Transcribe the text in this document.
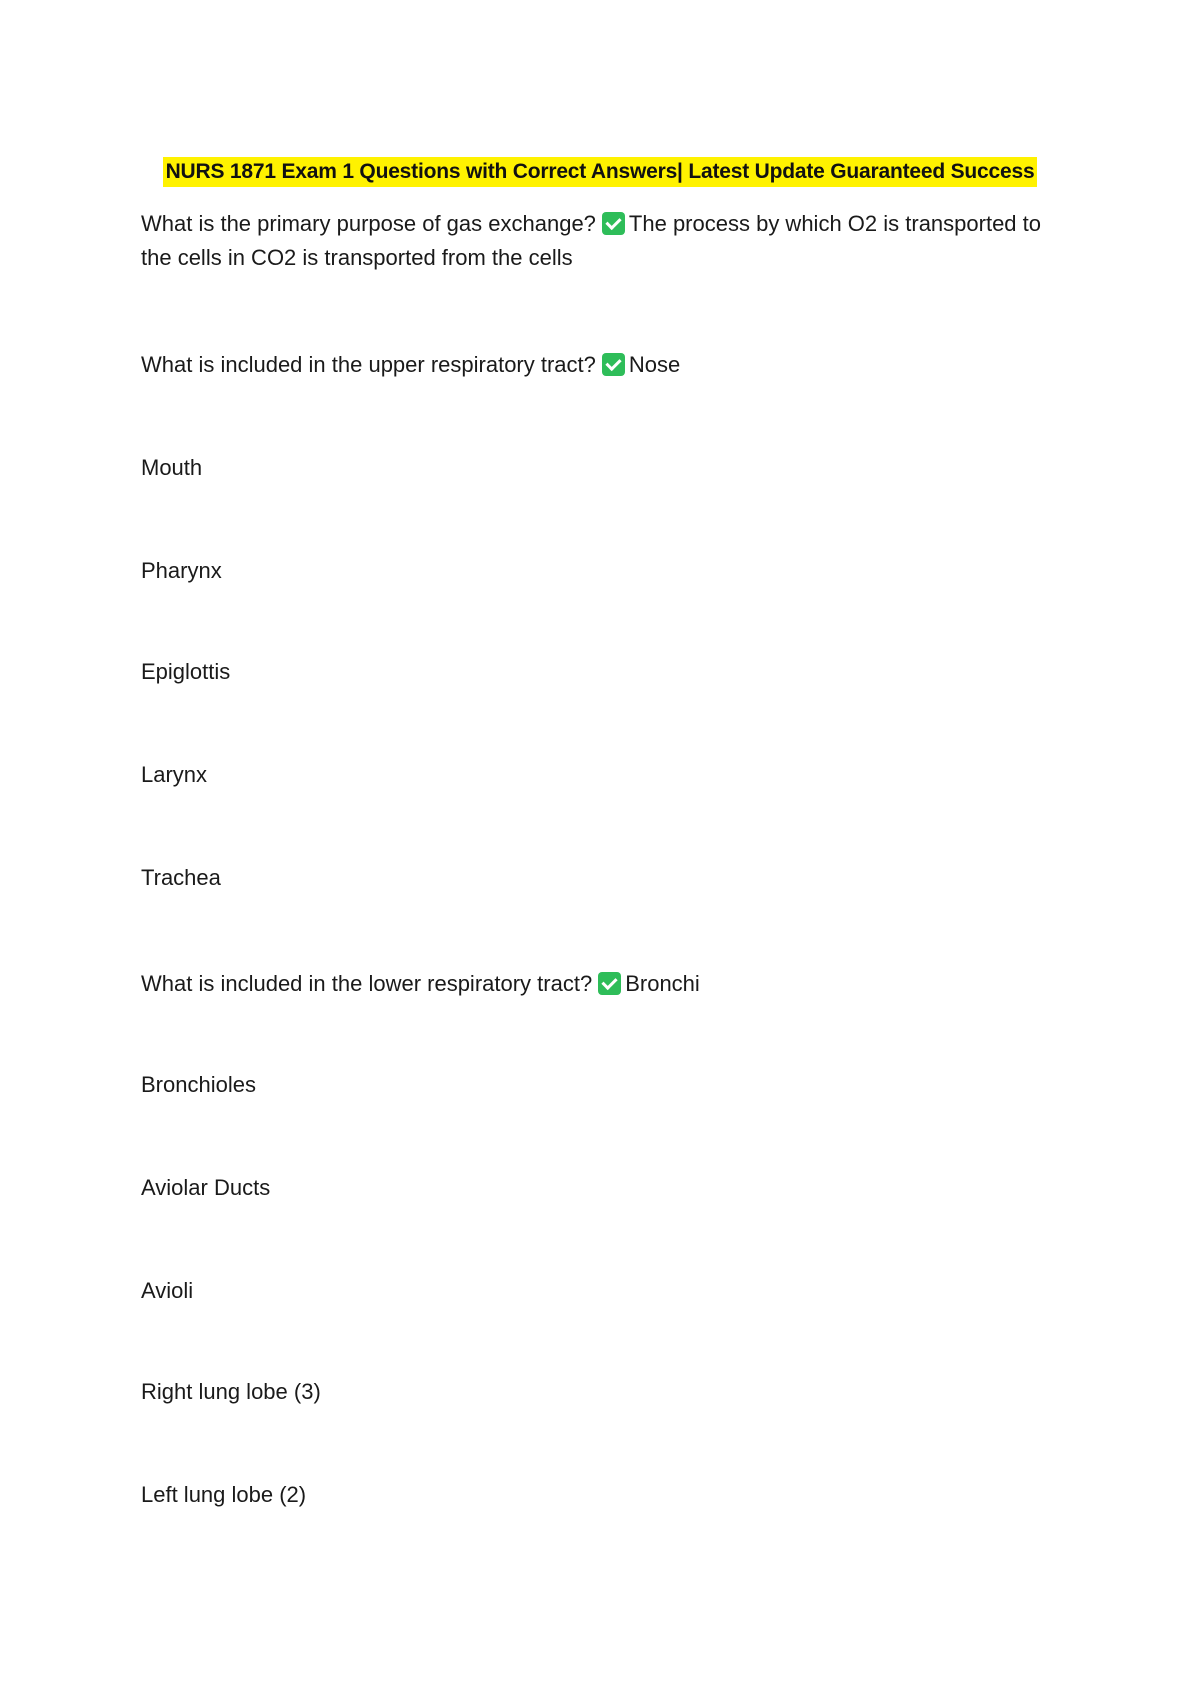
NURS 1871 Exam 1 Questions with Correct Answers| Latest Update Guaranteed Success
What is the primary purpose of gas exchange? The process by which O2 is transported to the cells in CO2 is transported from the cells
What is included in the upper respiratory tract? Nose
Mouth
Pharynx
Epiglottis
Larynx
Trachea
What is included in the lower respiratory tract? Bronchi
Bronchioles
Aviolar Ducts
Avioli
Right lung lobe (3)
Left lung lobe (2)
